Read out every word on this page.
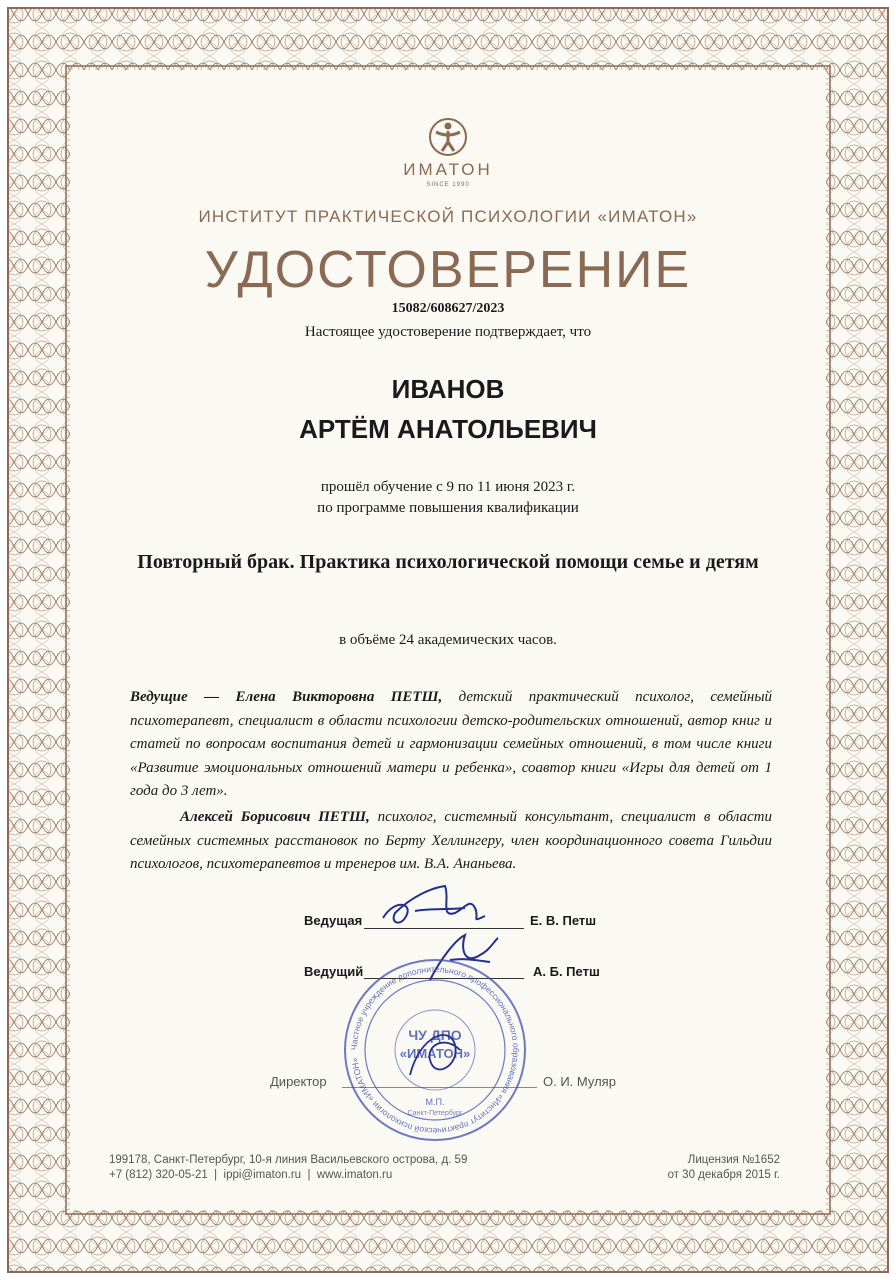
ИМАТОН
SINCE 1990
ИНСТИТУТ ПРАКТИЧЕСКОЙ ПСИХОЛОГИИ «ИМАТОН»
УДОСТОВЕРЕНИЕ
15082/608627/2023
Настоящее удостоверение подтверждает, что
ИВАНОВ
АРТЁМ АНАТОЛЬЕВИЧ
прошёл обучение с 9 по 11 июня 2023 г.
по программе повышения квалификации
Повторный брак. Практика психологической помощи семье и детям
в объёме 24 академических часов.
Ведущие — Елена Викторовна ПЕТШ, детский практический психолог, семейный психотерапевт, специалист в области психологии детско-родительских отношений, автор книг и статей по вопросам воспитания детей и гармонизации семейных отношений, в том числе книги «Развитие эмоциональных отношений матери и ребенка», соавтор книги «Игры для детей от 1 года до 3 лет».
Алексей Борисович ПЕТШ, психолог, системный консультант, специалист в области семейных системных расстановок по Берту Хеллингеру, член координационного совета Гильдии психологов, психотерапевтов и тренеров им. В.А. Ананьева.
Ведущая	Е. В. Петш
Ведущий	А. Б. Петш
Директор	О. И. Муляр
Частное учреждение дополнительного профессионального образования «Институт практической психологии «ИМАТОН»
ЧУ ДПО
«ИМАТОН»
М.П.
Санкт-Петербург
199178, Санкт-Петербург, 10-я линия Васильевского острова, д. 59
+7 (812) 320-05-21  |  ippi@imaton.ru  |  www.imaton.ru
Лицензия №1652
от 30 декабря 2015 г.
